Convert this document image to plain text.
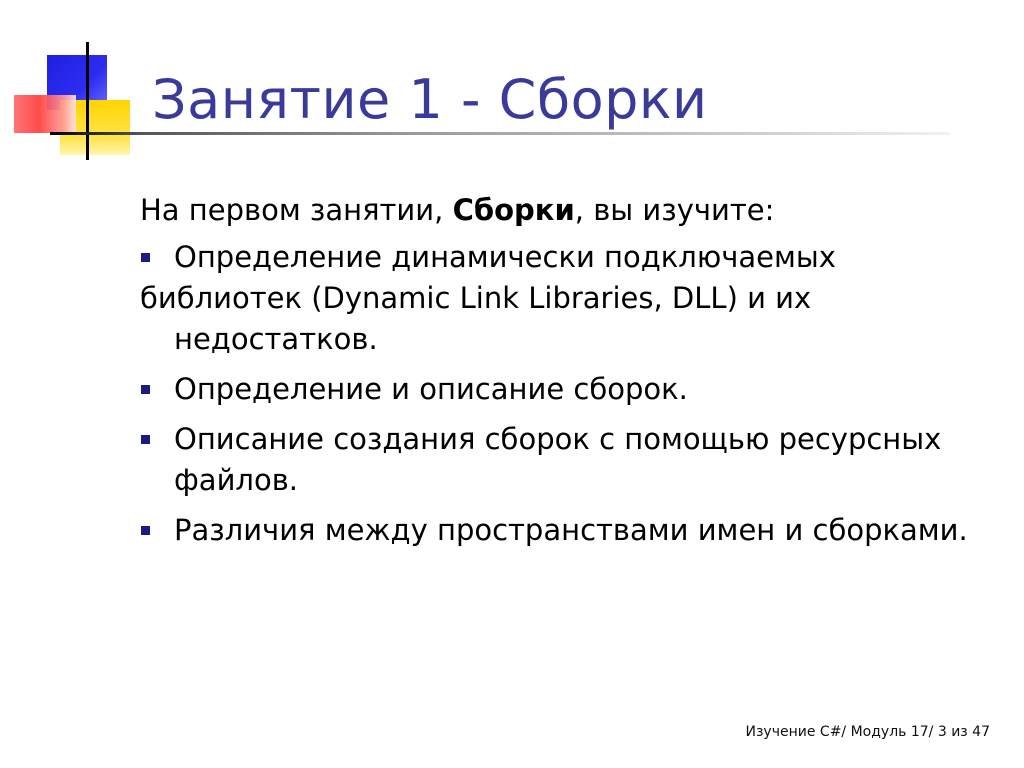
Занятие 1 - Сборки

На первом занятии, Сборки, вы изучите:

Определение динамически подключаемых
библиотек (Dynamic Link Libraries, DLL) и их
недостатков.
Определение и описание сборок.
Описание создания сборок с помощью ресурсных файлов.
Различия между пространствами имен и сборками.
Изучение C#/ Модуль 17/ 3 из 47
